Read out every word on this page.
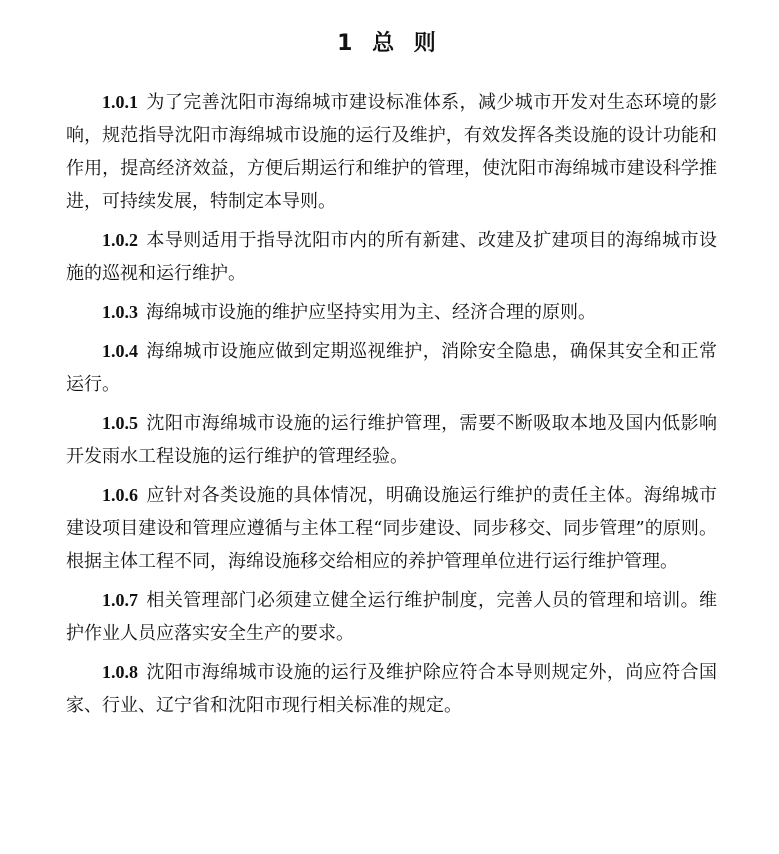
1 总 则

1.0.1 为了完善沈阳市海绵城市建设标准体系，减少城市开发对生态环境的影响，规范指导沈阳市海绵城市设施的运行及维护，有效发挥各类设施的设计功能和作用，提高经济效益，方便后期运行和维护的管理，使沈阳市海绵城市建设科学推进，可持续发展，特制定本导则。

1.0.2 本导则适用于指导沈阳市内的所有新建、改建及扩建项目的海绵城市设施的巡视和运行维护。

1.0.3 海绵城市设施的维护应坚持实用为主、经济合理的原则。

1.0.4 海绵城市设施应做到定期巡视维护，消除安全隐患，确保其安全和正常运行。

1.0.5 沈阳市海绵城市设施的运行维护管理，需要不断吸取本地及国内低影响开发雨水工程设施的运行维护的管理经验。

1.0.6 应针对各类设施的具体情况，明确设施运行维护的责任主体。海绵城市建设项目建设和管理应遵循与主体工程“同步建设、同步移交、同步管理”的原则。根据主体工程不同，海绵设施移交给相应的养护管理单位进行运行维护管理。

1.0.7 相关管理部门必须建立健全运行维护制度，完善人员的管理和培训。维护作业人员应落实安全生产的要求。

1.0.8 沈阳市海绵城市设施的运行及维护除应符合本导则规定外，尚应符合国家、行业、辽宁省和沈阳市现行相关标准的规定。
